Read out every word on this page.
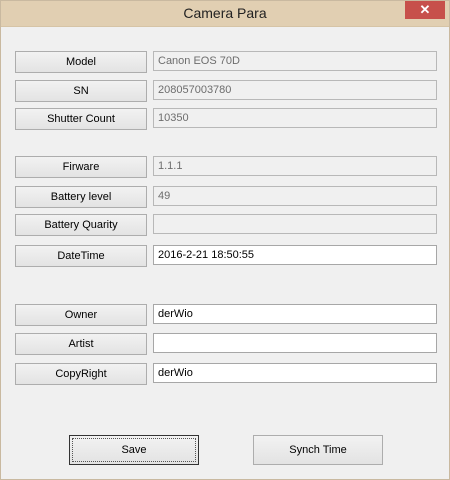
Camera Para	✕
Model	Canon EOS 70D
SN	208057003780
Shutter Count	10350
Firware	1.1.1
Battery level	49
Battery Quarity
DateTime	2016-2-21 18:50:55
Owner	derWio
Artist
CopyRight	derWio
Save	Synch Time
